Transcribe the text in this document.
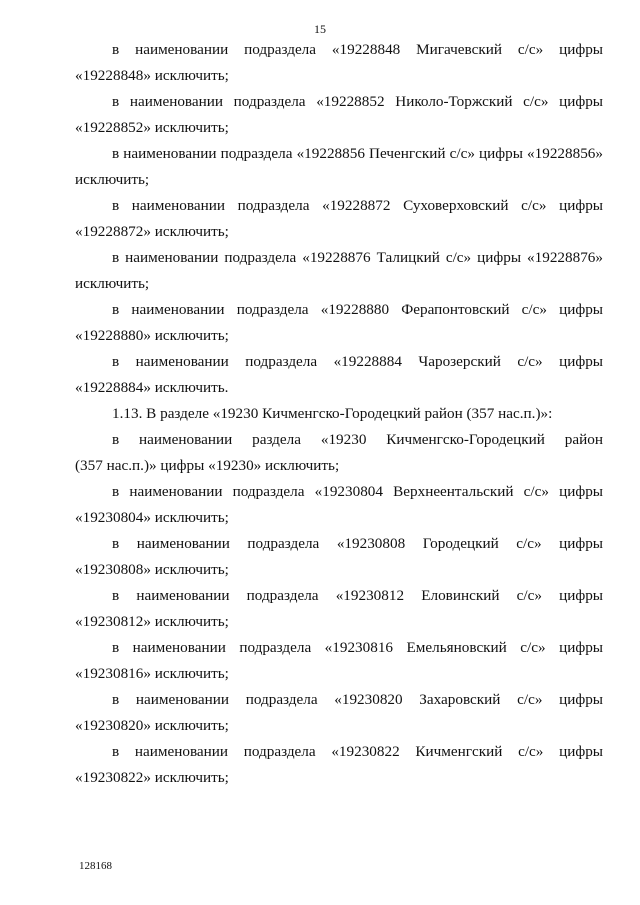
15

в наименовании подраздела «19228848 Мигачевский с/с» цифры
«19228848» исключить;

в наименовании подраздела «19228852 Николо-Торжский с/с» цифры
«19228852» исключить;

в наименовании подраздела «19228856 Печенгский с/с» цифры «19228856»
исключить;

в наименовании подраздела «19228872 Суховерховский с/с» цифры
«19228872» исключить;

в наименовании подраздела «19228876 Талицкий с/с» цифры «19228876»
исключить;

в наименовании подраздела «19228880 Ферапонтовский с/с» цифры
«19228880» исключить;

в наименовании подраздела «19228884 Чарозерский с/с» цифры
«19228884» исключить.

1.13. В разделе «19230 Кичменгско-Городецкий район (357 нас.п.)»:

в наименовании раздела «19230 Кичменгско-Городецкий район
(357 нас.п.)» цифры «19230» исключить;

в наименовании подраздела «19230804 Верхнеентальский с/с» цифры
«19230804» исключить;

в наименовании подраздела «19230808 Городецкий с/с» цифры
«19230808» исключить;

в наименовании подраздела «19230812 Еловинский с/с» цифры
«19230812» исключить;

в наименовании подраздела «19230816 Емельяновский с/с» цифры
«19230816» исключить;

в наименовании подраздела «19230820 Захаровский с/с» цифры
«19230820» исключить;

в наименовании подраздела «19230822 Кичменгский с/с» цифры
«19230822» исключить;

128168
